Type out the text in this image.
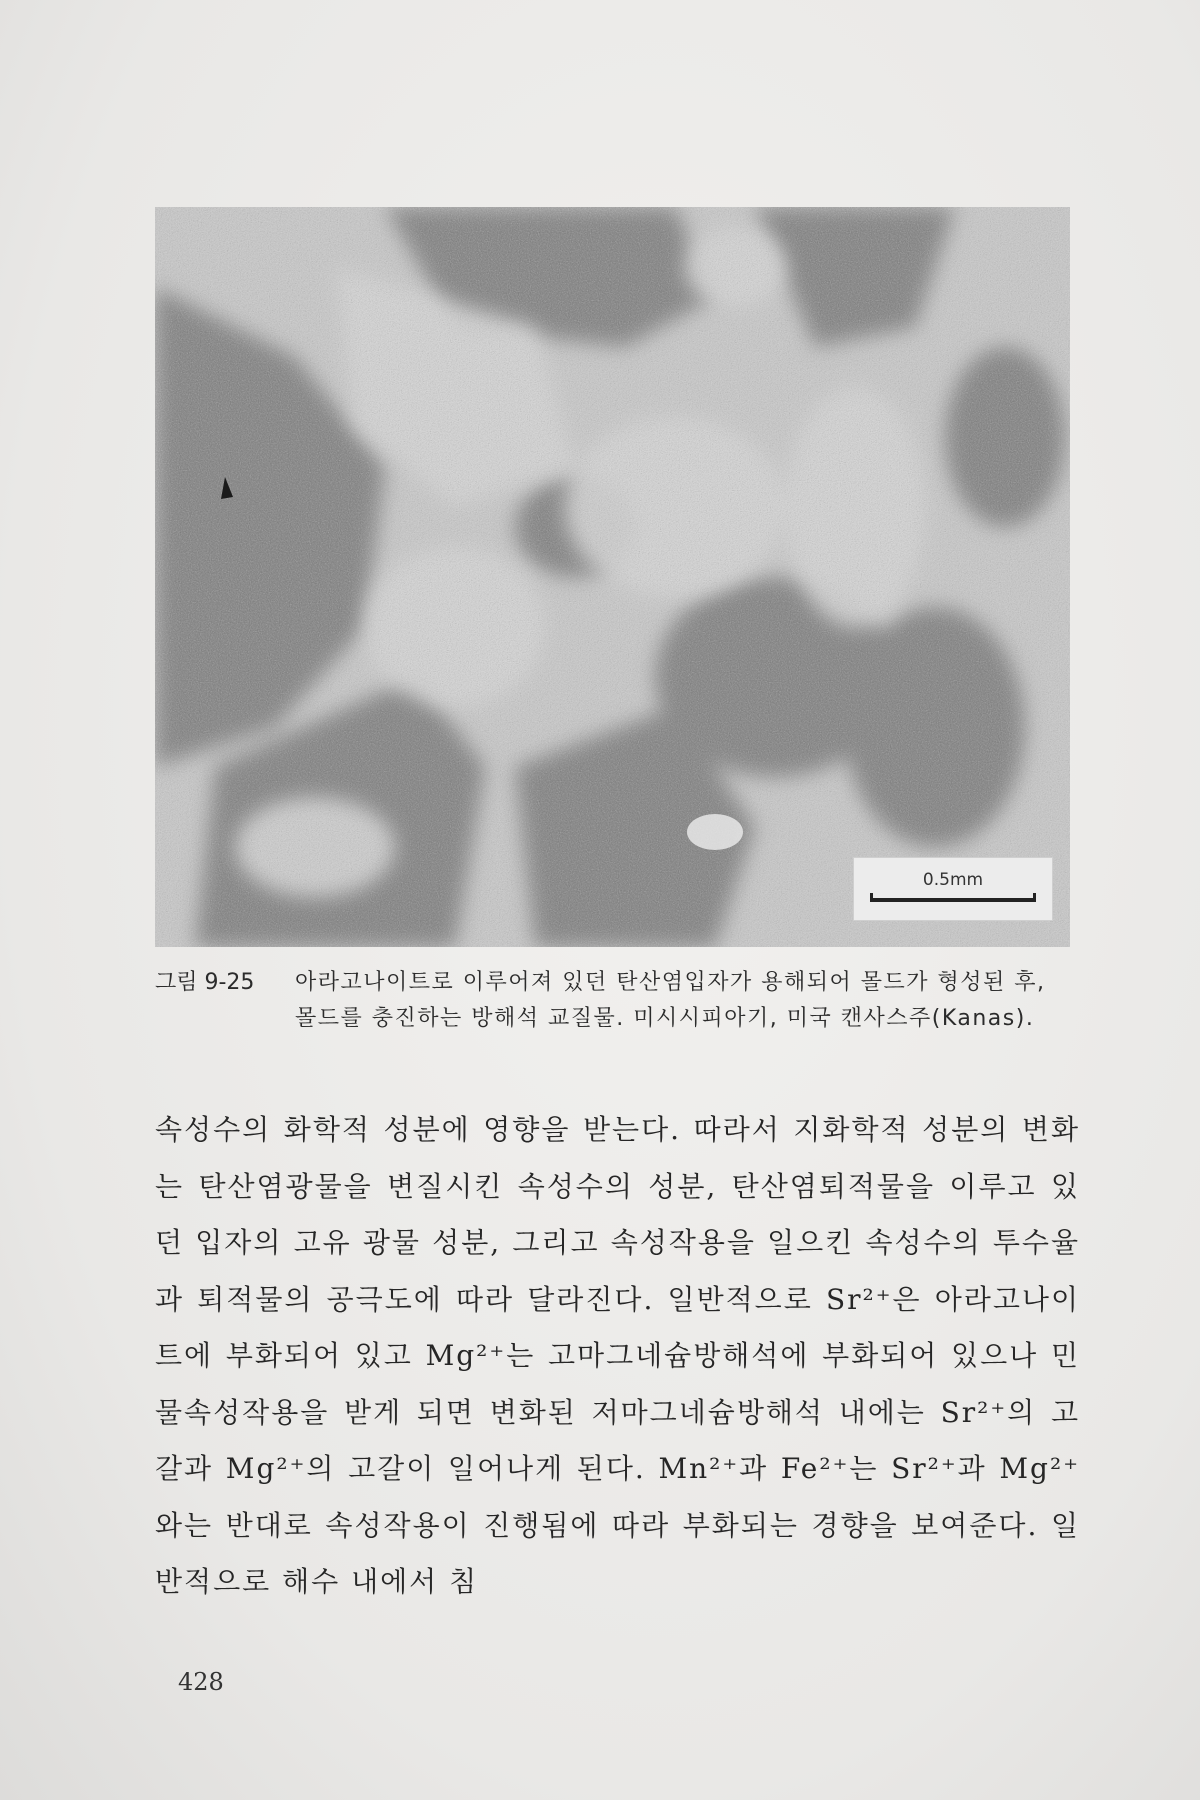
0.5mm
그림 9-25 아라고나이트로 이루어져 있던 탄산염입자가 용해되어 몰드가 형성된 후, 몰드를 충진하는 방해석 교질물. 미시시피아기, 미국 캔사스주(Kanas).

속성수의 화학적 성분에 영향을 받는다. 따라서 지화학적 성분의 변화는 탄산염광물을 변질시킨 속성수의 성분, 탄산염퇴적물을 이루고 있던 입자의 고유 광물 성분, 그리고 속성작용을 일으킨 속성수의 투수율과 퇴적물의 공극도에 따라 달라진다. 일반적으로 Sr²⁺은 아라고나이트에 부화되어 있고 Mg²⁺는 고마그네슘방해석에 부화되어 있으나 민물속성작용을 받게 되면 변화된 저마그네슘방해석 내에는 Sr²⁺의 고갈과 Mg²⁺의 고갈이 일어나게 된다. Mn²⁺과 Fe²⁺는 Sr²⁺과 Mg²⁺와는 반대로 속성작용이 진행됨에 따라 부화되는 경향을 보여준다. 일반적으로 해수 내에서 침

428
